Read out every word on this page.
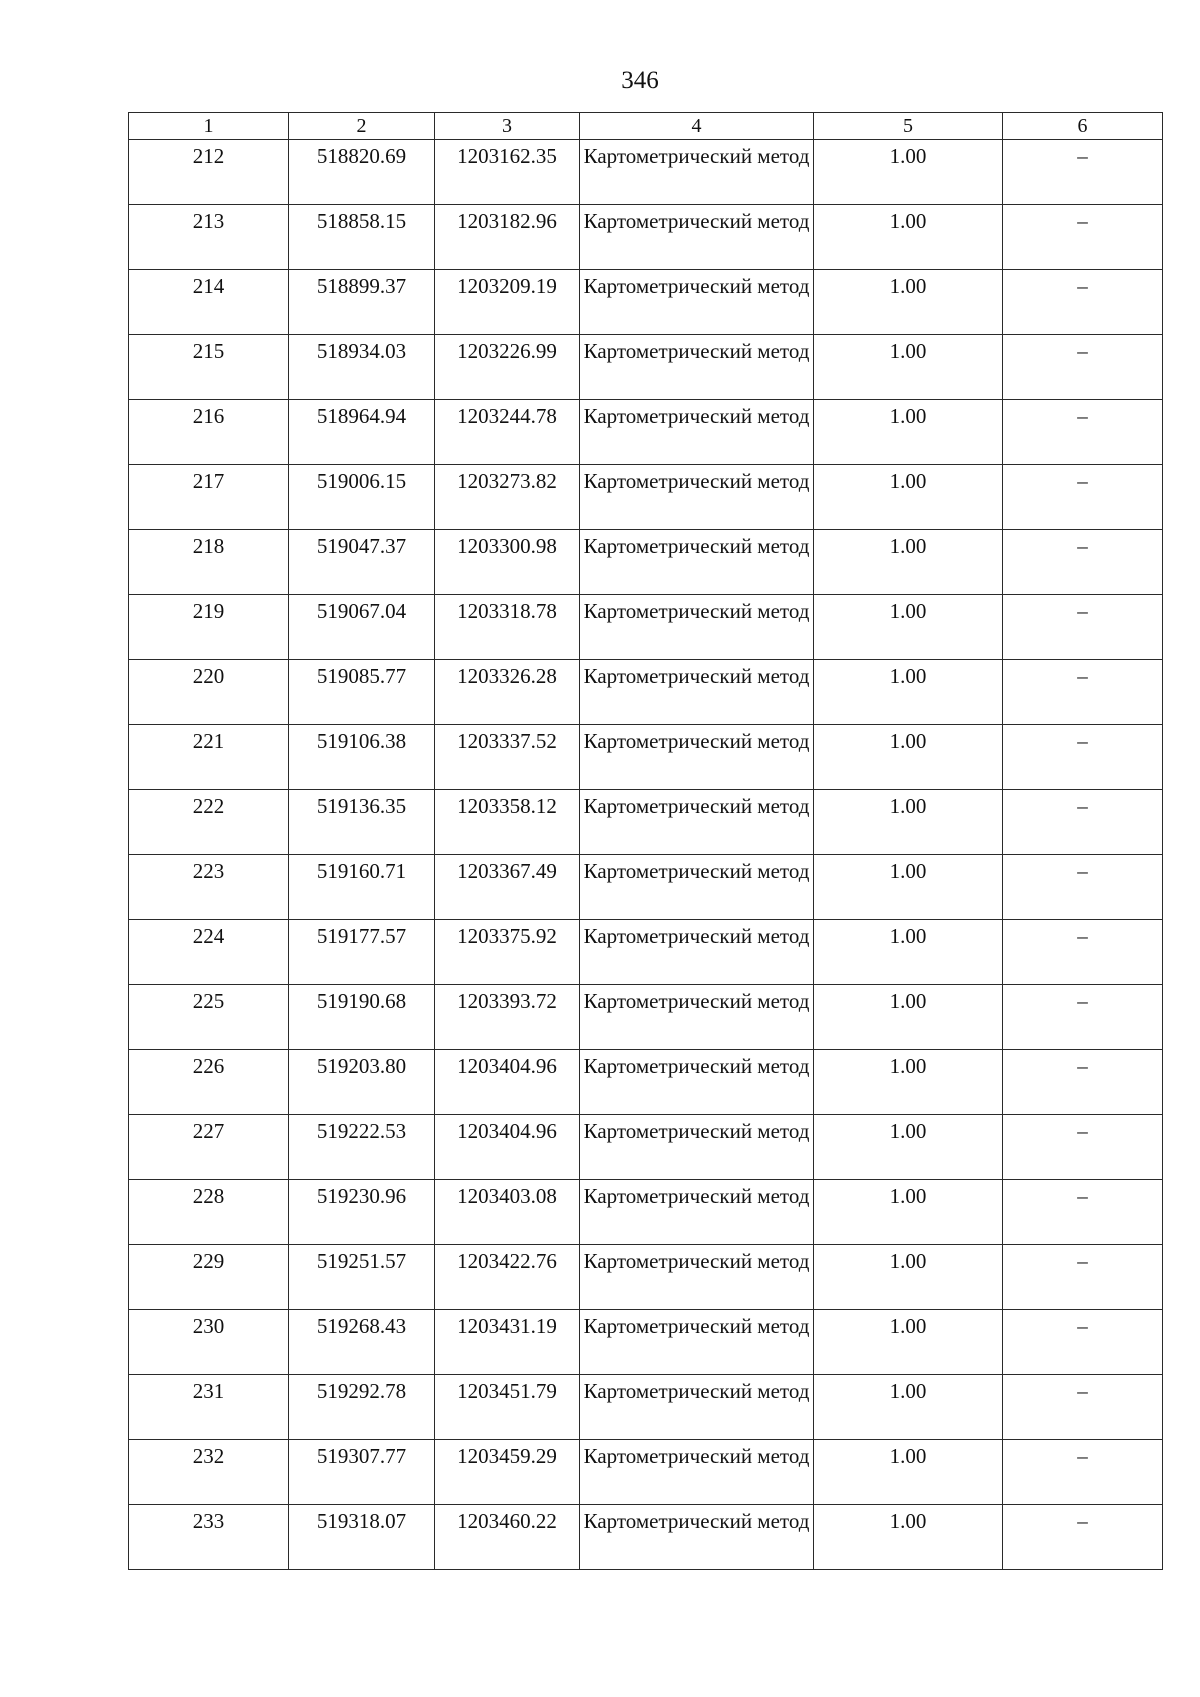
346
1	2	3	4	5	6
212	518820.69	1203162.35	Картометрический метод	1.00	–
213	518858.15	1203182.96	Картометрический метод	1.00	–
214	518899.37	1203209.19	Картометрический метод	1.00	–
215	518934.03	1203226.99	Картометрический метод	1.00	–
216	518964.94	1203244.78	Картометрический метод	1.00	–
217	519006.15	1203273.82	Картометрический метод	1.00	–
218	519047.37	1203300.98	Картометрический метод	1.00	–
219	519067.04	1203318.78	Картометрический метод	1.00	–
220	519085.77	1203326.28	Картометрический метод	1.00	–
221	519106.38	1203337.52	Картометрический метод	1.00	–
222	519136.35	1203358.12	Картометрический метод	1.00	–
223	519160.71	1203367.49	Картометрический метод	1.00	–
224	519177.57	1203375.92	Картометрический метод	1.00	–
225	519190.68	1203393.72	Картометрический метод	1.00	–
226	519203.80	1203404.96	Картометрический метод	1.00	–
227	519222.53	1203404.96	Картометрический метод	1.00	–
228	519230.96	1203403.08	Картометрический метод	1.00	–
229	519251.57	1203422.76	Картометрический метод	1.00	–
230	519268.43	1203431.19	Картометрический метод	1.00	–
231	519292.78	1203451.79	Картометрический метод	1.00	–
232	519307.77	1203459.29	Картометрический метод	1.00	–
233	519318.07	1203460.22	Картометрический метод	1.00	–
